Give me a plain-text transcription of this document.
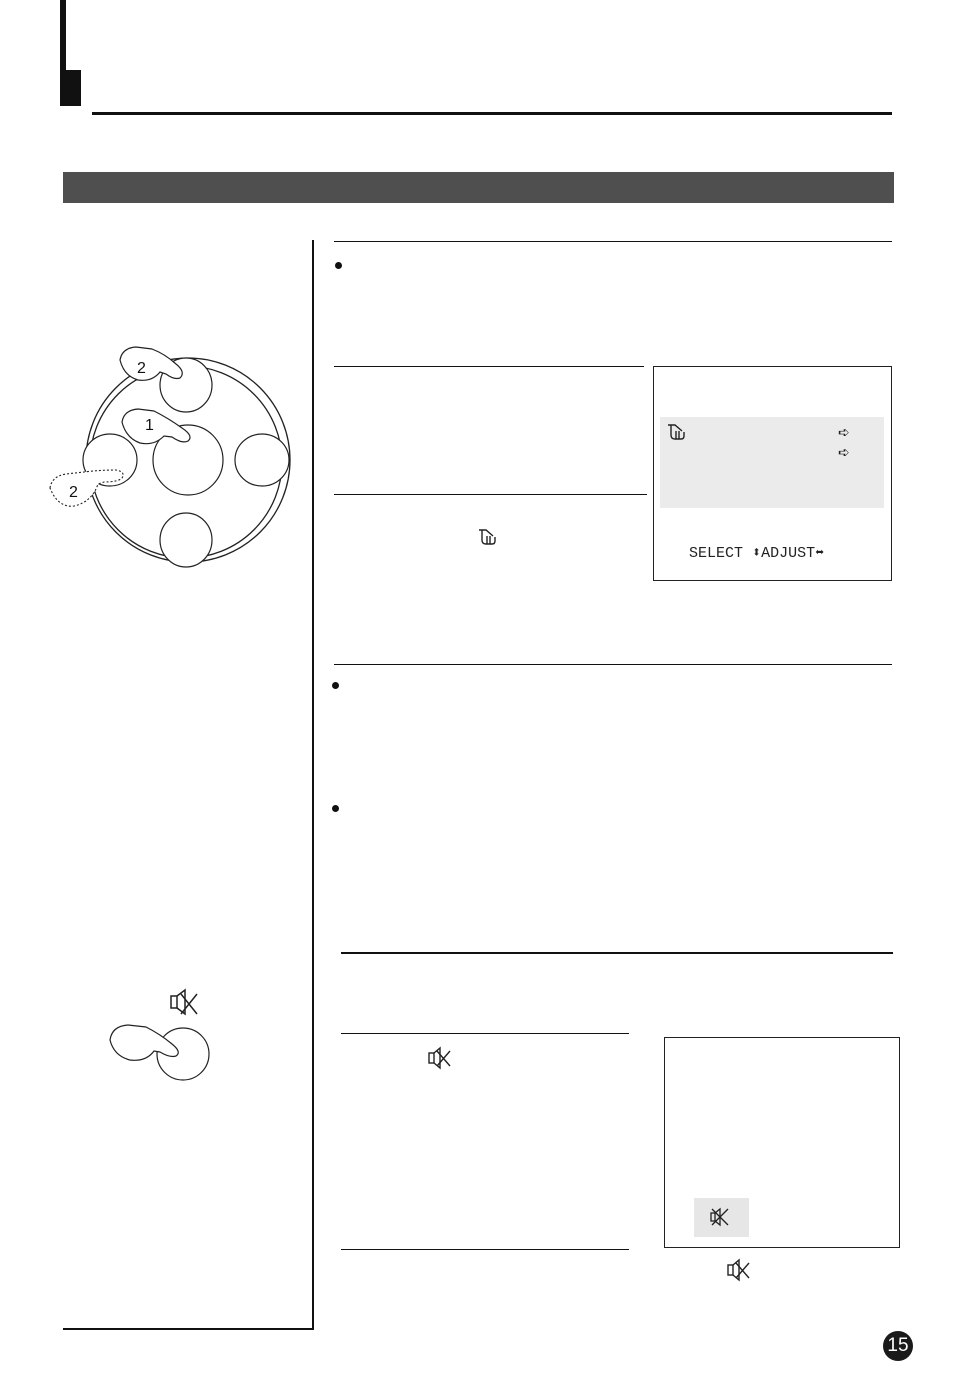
2
1
2
➪
➪
SELECT ⬍ADJUST⬌
15
